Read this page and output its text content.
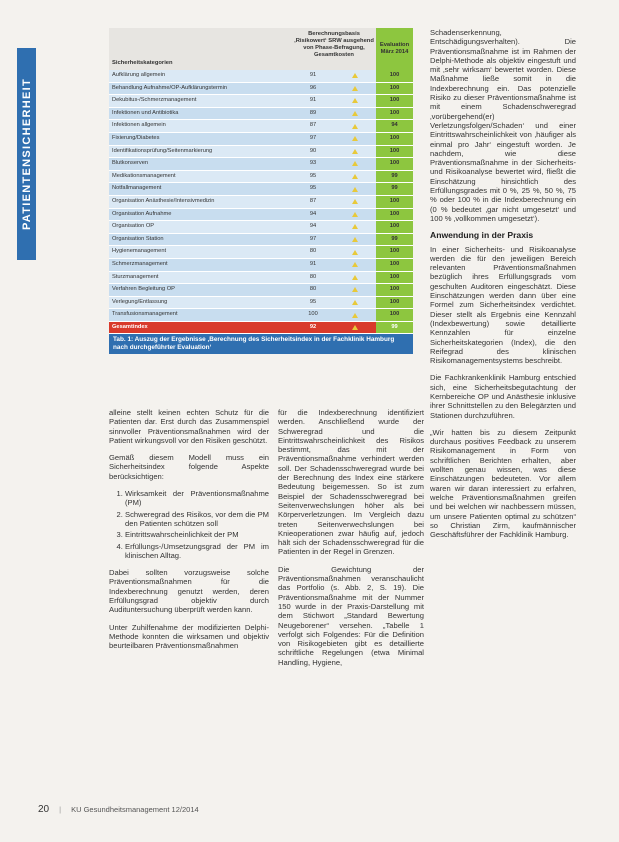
PATIENTENSICHERHEIT
Sicherheitskategorien
Berechnungsbasis ‚Risikowert‘ SRW ausgehend von Phase-Befragung, Gesamtkosten
Evaluation März 2014
Aufklärung allgemein	91	100
Behandlung Aufnahme/OP-Aufklärungstermin	96	100
Dekubitus-/Schmerzmanagement	91	100
Infektionen und Antibiotika	89	100
Infektionen allgemein	87	94
Fixierung/Diabetes	97	100
Identifikationsprüfung/Seitenmarkierung	90	100
Blutkonserven	93	100
Medikationsmanagement	95	99
Notfallmanagement	95	99
Organisation Anästhesie/Intensivmedizin	87	100
Organisation Aufnahme	94	100
Organisation OP	94	100
Organisation Station	97	99
Hygienemanagement	80	100
Schmerzmanagement	91	100
Sturzmanagement	80	100
Verfahren Begleitung OP	80	100
Verlegung/Entlassung	95	100
Transfusionsmanagement	100	100
Gesamtindex	92	99
Tab. 1: Auszug der Ergebnisse ‚Berechnung des Sicherheitsindex in der Fachklinik Hamburg nach durchgeführter Evaluation‘

alleine stellt keinen echten Schutz für die Patienten dar. Erst durch das Zusammenspiel sinnvoller Präventionsmaßnahmen wird der Patient wirkungsvoll vor den Risiken geschützt.

Gemäß diesem Modell muss ein Sicherheitsindex folgende Aspekte berücksichtigen:

1. Wirksamkeit der Präventionsmaßnahme (PM)
2. Schweregrad des Risikos, vor dem die PM den Patienten schützen soll
3. Eintrittswahrscheinlichkeit der PM
4. Erfüllungs-/Umsetzungsgrad der PM im klinischen Alltag.

Dabei sollten vorzugsweise solche Präventionsmaßnahmen für die Indexberechnung genutzt werden, deren Erfüllungsgrad objektiv durch Audituntersuchung überprüft werden kann.

Unter Zuhilfenahme der modifizierten Delphi-Methode konnten die wirksamen und objektiv beurteilbaren Präventionsmaßnahmen

für die Indexberechnung identifiziert werden. Anschließend wurde der Schweregrad und die Eintrittswahrscheinlichkeit des Risikos bestimmt, das mit der Präventionsmaßnahme verhindert werden soll. Der Schadensschweregrad wurde bei der Berechnung des Index eine stärkere Bedeutung beigemessen. So ist zum Beispiel der Schadensschweregrad bei Seitenverwechslungen höher als bei Körperverletzungen. Im Vergleich dazu treten Seitenverwechslungen bei Knieoperationen zwar häufig auf, jedoch hält sich der Schadensschweregrad für die Patienten in der Regel in Grenzen.

Die Gewichtung der Präventionsmaßnahmen veranschaulicht das Portfolio (s. Abb. 2, S. 19). Die Präventionsmaßnahme mit der Nummer 150 wurde in der Praxis-Darstellung mit dem Stichwort „Standard Bewertung Neugeborener“ versehen. „Tabelle 1 verfolgt sich Folgendes: Für die Definition von Risikogebieten gibt es detaillierte schriftliche Regelungen (etwa Minimal Handling, Hygiene,

Schadenserkennung, Entschädigungsverhalten). Die Präventionsmaßnahme ist im Rahmen der Delphi-Methode als objektiv eingestuft und mit ‚sehr wirksam‘ bewertet worden. Diese Maßnahme ließe somit in die Indexberechnung ein. Das potenzielle Risiko zu dieser Präventionsmaßnahme ist mit einem Schadenschweregrad ‚vorübergehend(er) Verletzungsfolgen/Schaden‘ und einer Eintrittswahrscheinlichkeit von ‚häufiger als einmal pro Jahr‘ eingestuft worden. Je nachdem, wie diese Präventionsmaßnahme in der Sicherheits- und Risikoanalyse bewertet wird, fließt die Einschätzung hinsichtlich des Erfüllungsgrades mit 0 %, 25 %, 50 %, 75 % oder 100 % in die Indexberechnung ein (0 % bedeutet ‚gar nicht umgesetzt‘ und 100 % ‚vollkommen umgesetzt‘).

Anwendung in der Praxis

In einer Sicherheits- und Risikoanalyse werden die für den jeweiligen Bereich relevanten Präventionsmaßnahmen bezüglich ihres Erfüllungsgrads vom geschulten Auditoren eingeschätzt. Diese Einschätzungen werden dann über eine Formel zum Sicherheitsindex verdichtet. Dieser stellt als Ergebnis eine Kennzahl (Indexbewertung) sowie detaillierte Kennzahlen für einzelne Sicherheitskategorien (Index), die den Reifegrad des klinischen Risikomanagementsystems beschreibt.

Die Fachkrankenklinik Hamburg entschied sich, eine Sicherheitsbegutachtung der Kernbereiche OP und Anästhesie inklusive ihrer Schnittstellen zu den Belegärzten und Stationen durchzuführen.

„Wir hatten bis zu diesem Zeitpunkt durchaus positives Feedback zu unserem Risikomanagement in Form von schriftlichen Berichten erhalten, aber wollten genau wissen, was diese Einschätzungen bedeuteten. Vor allem waren wir daran interessiert zu erfahren, welche Präventionsmaßnahmen greifen und bei welchen wir nachbessern müssen, um unsere Patienten optimal zu schützen“ so Christian Zirm, kaufmännischer Geschäftsführer der Fachklinik Hamburg.

20 | KU Gesundheitsmanagement 12/2014
